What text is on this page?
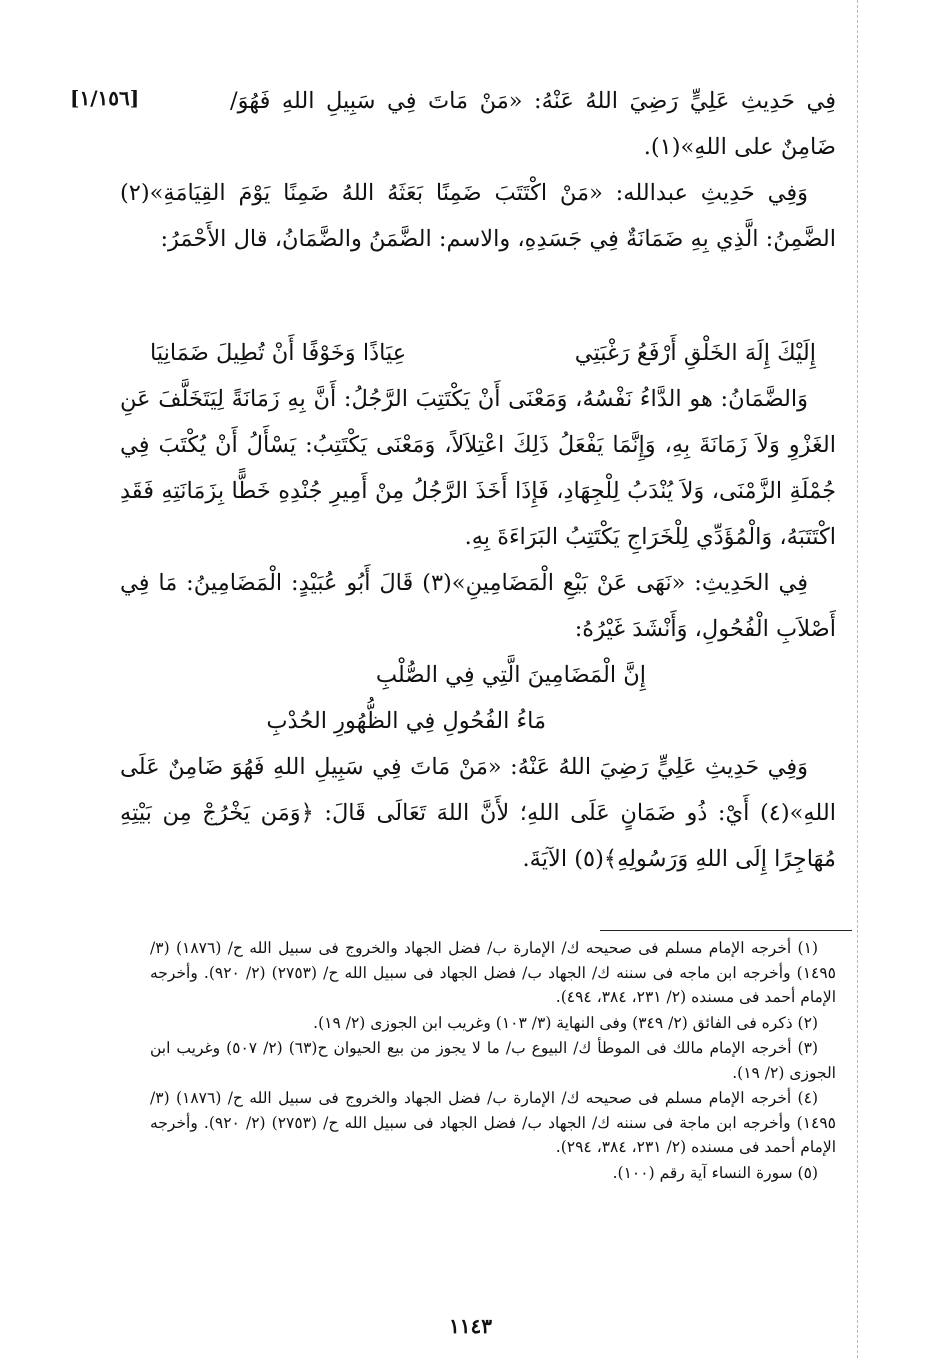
[١/١٥٦]	فِي حَدِيثِ عَلِيٍّ رَضِيَ اللهُ عَنْهُ: «مَنْ مَاتَ فِي سَبِيلِ اللهِ فَهُوَ/ ضَامِنٌ على اللهِ»(١).

وَفِي حَدِيثِ عبدالله: «مَنْ اكْتَتَبَ ضَمِنًا بَعَثَهُ اللهُ ضَمِنًا يَوْمَ القِيَامَةِ»(٢) الضَّمِنُ: الَّذِي بِهِ ضَمَانَةٌ فِي جَسَدِهِ، والاسم: الضَّمَنُ والضَّمَانُ، قال الأَحْمَرُ:

إِلَيْكَ إِلَهَ الخَلْقِ أَرْفَعُ رَغْبَتِي
عِيَاذًا وَخَوْفًا أَنْ تُطِيلَ ضَمَانِيَا

وَالضَّمَانُ: هو الدَّاءُ نَفْسُهُ، وَمَعْنَى أَنْ يَكْتَتِبَ الرَّجُلُ: أَنَّ بِهِ زَمَانَةً لِيَتَخَلَّفَ عَنِ الغَزْوِ وَلاَ زَمَانَةَ بِهِ، وَإِنَّمَا يَفْعَلُ ذَلِكَ اعْتِلاَلاً، وَمَعْنَى يَكْتَتِبُ: يَسْأَلُ أَنْ يُكْتَبَ فِي جُمْلَةِ الزَّمْنَى، وَلاَ يُنْدَبُ لِلْجِهَادِ، فَإِذَا أَخَذَ الرَّجُلُ مِنْ أَمِيرِ جُنْدِهِ خَطًّا بِزَمَانَتِهِ فَقَدِ اكْتَتَبَهُ، وَالْمُؤَدِّي لِلْخَرَاجِ يَكْتَتِبُ البَرَاءَةَ بِهِ.

فِي الحَدِيثِ: «نَهَى عَنْ بَيْعِ الْمَضَامِينِ»(٣) قَالَ أَبُو عُبَيْدٍ: الْمَضَامِينُ: مَا فِي أَصْلاَبِ الْفُحُولِ، وَأَنْشَدَ غَيْرُهُ:

إِنَّ الْمَضَامِينَ الَّتِي فِي الصُّلْبِ
مَاءُ الفُحُولِ فِي الظُّهُورِ الحُدْبِ

وَفِي حَدِيثِ عَلِيٍّ رَضِيَ اللهُ عَنْهُ: «مَنْ مَاتَ فِي سَبِيلِ اللهِ فَهُوَ ضَامِنٌ عَلَى اللهِ»(٤) أَيْ: ذُو ضَمَانٍ عَلَى اللهِ؛ لأَنَّ اللهَ تَعَالَى قَالَ: ﴿وَمَن يَخْرُجْ مِن بَيْتِهِ مُهَاجِرًا إِلَى اللهِ وَرَسُولِهِ﴾(٥) الآيَةَ.

(١) أخرجه الإمام مسلم فى صحيحه ك/ الإمارة ب/ فضل الجهاد والخروج فى سبيل الله ح/ (١٨٧٦) (٣/ ١٤٩٥) وأخرجه ابن ماجه فى سننه ك/ الجهاد ب/ فضل الجهاد فى سبيل الله ح/ (٢٧٥٣) (٢/ ٩٢٠). وأخرجه الإمام أحمد فى مسنده (٢/ ٢٣١، ٣٨٤، ٤٩٤).

(٢) ذكره فى الفائق (٢/ ٣٤٩) وفى النهاية (٣/ ١٠٣) وغريب ابن الجوزى (٢/ ١٩).

(٣) أخرجه الإمام مالك فى الموطأ ك/ البيوع ب/ ما لا يجوز من بيع الحيوان ح(٦٣) (٢/ ٥٠٧) وغريب ابن الجوزى (٢/ ١٩).

(٤) أخرجه الإمام مسلم فى صحيحه ك/ الإمارة ب/ فضل الجهاد والخروج فى سبيل الله ح/ (١٨٧٦) (٣/ ١٤٩٥) وأخرجه ابن ماجة فى سننه ك/ الجهاد ب/ فضل الجهاد فى سبيل الله ح/ (٢٧٥٣) (٢/ ٩٢٠). وأخرجه الإمام أحمد فى مسنده (٢/ ٢٣١، ٣٨٤، ٢٩٤).

(٥) سورة النساء آية رقم (١٠٠).

١١٤٣
